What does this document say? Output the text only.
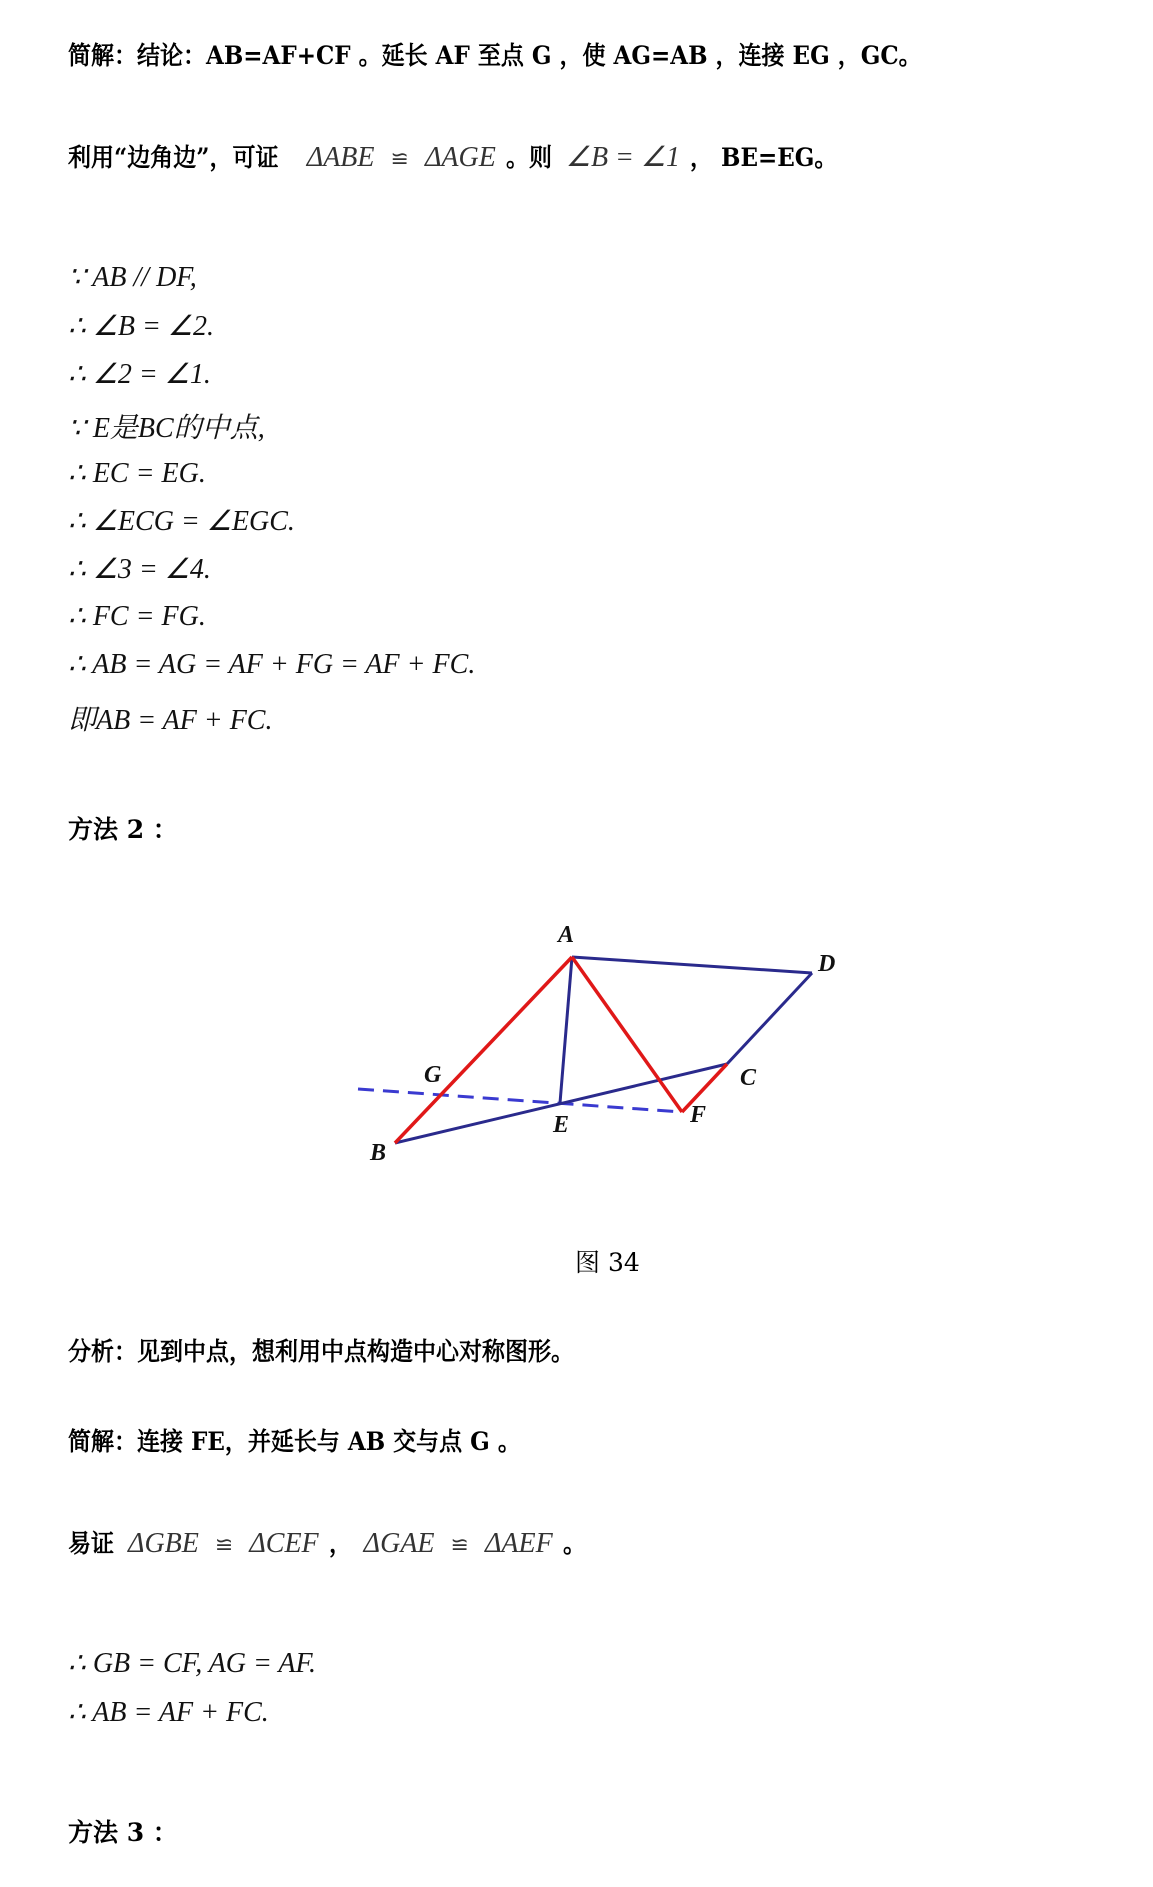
简解：结论：AB=AF+CF 。延长 AF 至点 G ，使 AG=AB ，连接 EG ，GC。
利用“边角边”，可证 ΔABE ≌ ΔAGE 。则 ∠B = ∠1 ， BE=EG。
∵ AB // DF,
∴ ∠B = ∠2.
∴ ∠2 = ∠1.
∵ E是BC的中点,
∴ EC = EG.
∴ ∠ECG = ∠EGC.
∴ ∠3 = ∠4.
∴ FC = FG.
∴ AB = AG = AF + FG = AF + FC.
即AB = AF + FC.
方法 2 ：
A
B
C
D
E	F
G
图 34
分析：见到中点，想利用中点构造中心对称图形。
简解：连接 FE，并延长与 AB 交与点 G 。
易证 ΔGBE ≌ ΔCEF ， ΔGAE ≌ ΔAEF 。
∴ GB = CF, AG = AF.
∴ AB = AF + FC.
方法 3 ：
